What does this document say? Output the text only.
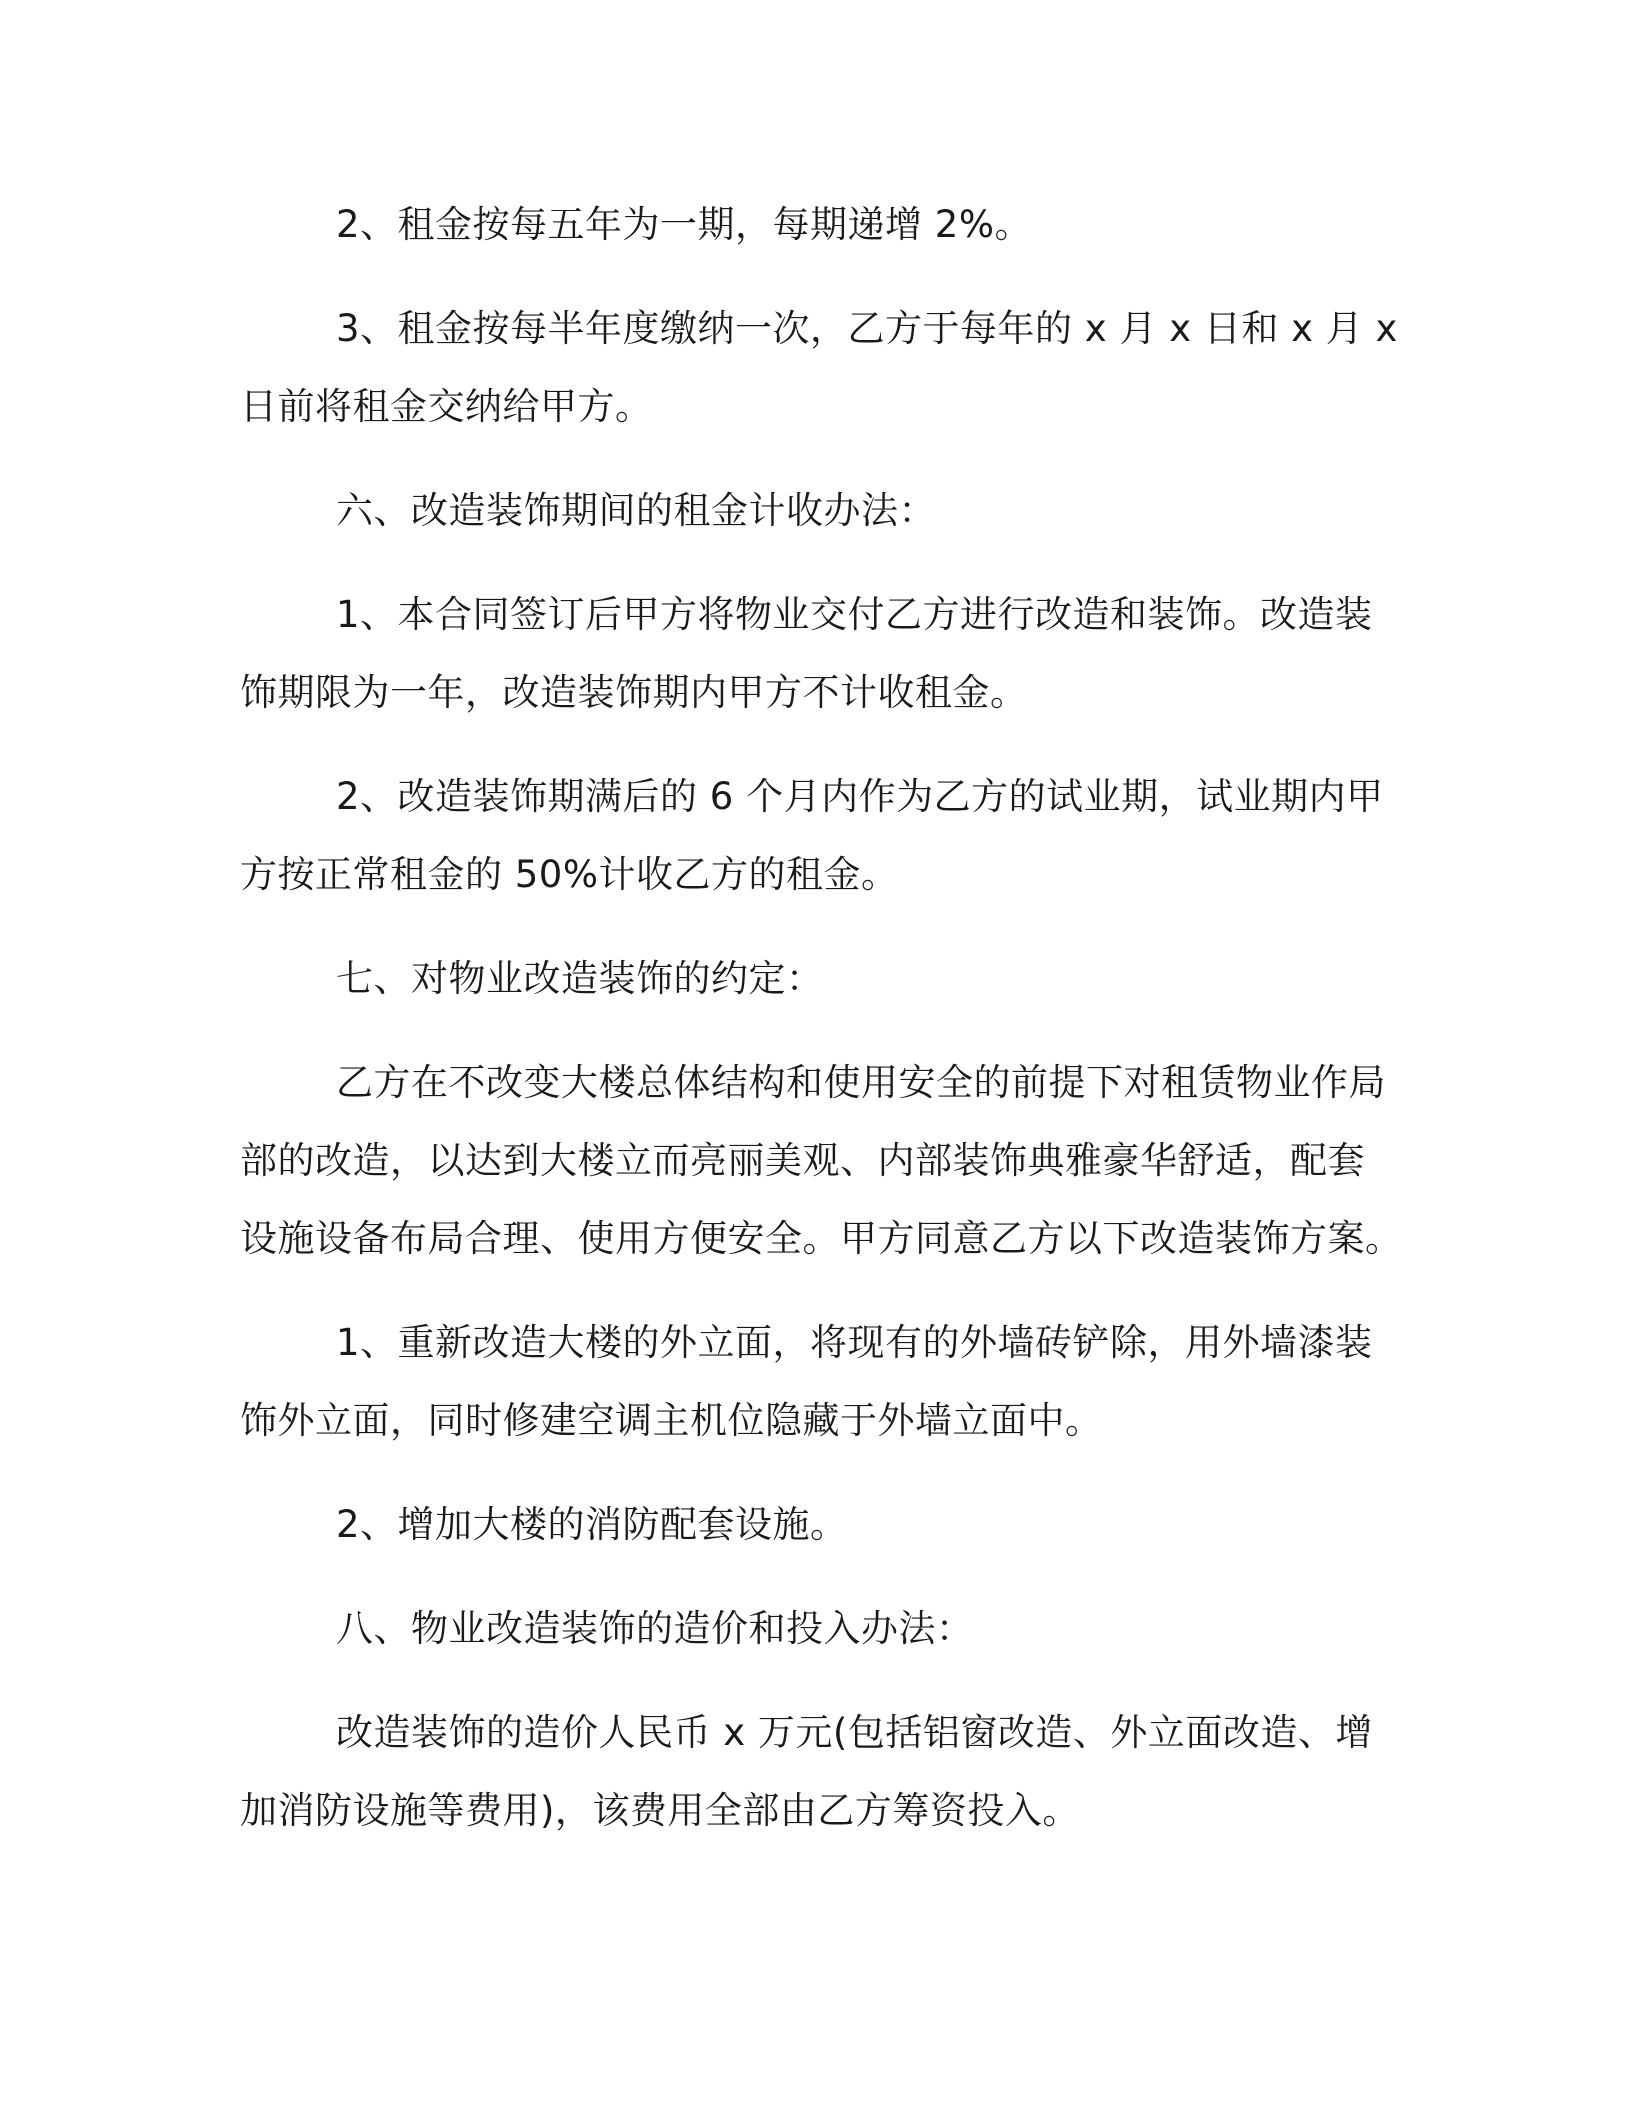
2、租金按每五年为一期，每期递增 2%。
3、租金按每半年度缴纳一次，乙方于每年的 x 月 x 日和 x 月 x
日前将租金交纳给甲方。
六、改造装饰期间的租金计收办法：
1、本合同签订后甲方将物业交付乙方进行改造和装饰。改造装
饰期限为一年，改造装饰期内甲方不计收租金。
2、改造装饰期满后的 6 个月内作为乙方的试业期，试业期内甲
方按正常租金的 50%计收乙方的租金。
七、对物业改造装饰的约定：
乙方在不改变大楼总体结构和使用安全的前提下对租赁物业作局
部的改造，以达到大楼立而亮丽美观、内部装饰典雅豪华舒适，配套
设施设备布局合理、使用方便安全。甲方同意乙方以下改造装饰方案。
1、重新改造大楼的外立面，将现有的外墙砖铲除，用外墙漆装
饰外立面，同时修建空调主机位隐藏于外墙立面中。
2、增加大楼的消防配套设施。
八、物业改造装饰的造价和投入办法：
改造装饰的造价人民币 x 万元(包括铝窗改造、外立面改造、增
加消防设施等费用)，该费用全部由乙方筹资投入。
